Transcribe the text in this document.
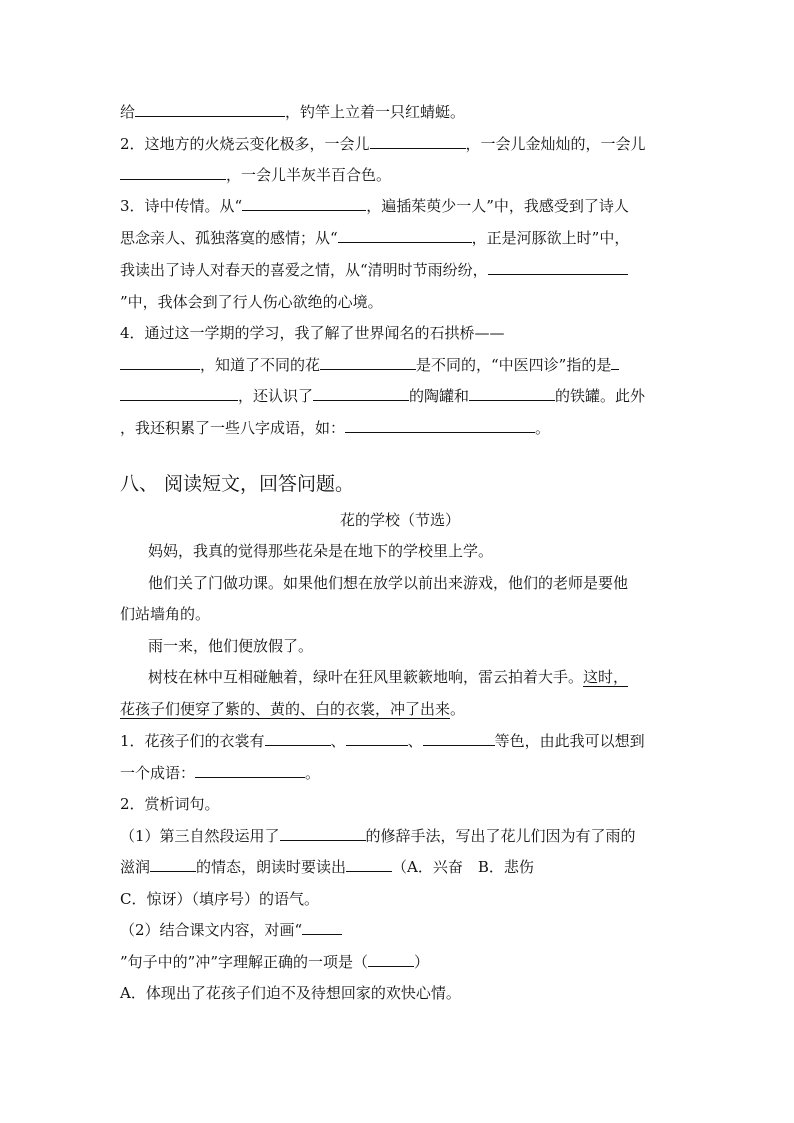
给	，钓竿上立着一只红蜻蜓。
2．这地方的火烧云变化极多，一会儿	，一会儿金灿灿的，一会儿
，一会儿半灰半百合色。
3．诗中传情。从“	，遍插茱萸少一人”中，我感受到了诗人
思念亲人、孤独落寞的感情；从“	，正是河豚欲上时”中，
我读出了诗人对春天的喜爱之情，从“清明时节雨纷纷，
”中，我体会到了行人伤心欲绝的心境。
4．通过这一学期的学习，我了解了世界闻名的石拱桥——
，知道了不同的花	是不同的，“中医四诊”指的是
，还认识了	的陶罐和	的铁罐。此外
，我还积累了一些八字成语，如：	。
八、 阅读短文，回答问题。
花的学校（节选）
妈妈，我真的觉得那些花朵是在地下的学校里上学。
他们关了门做功课。如果他们想在放学以前出来游戏，他们的老师是要他
们站墙角的。
雨一来，他们便放假了。
树枝在林中互相碰触着，绿叶在狂风里簌簌地响，雷云拍着大手。这时，
花孩子们便穿了紫的、黄的、白的衣裳，冲了出来。
1．花孩子们的衣裳有	、	、	等色，由此我可以想到
一个成语：	。
2．赏析词句。
（1）第三自然段运用了	的修辞手法，写出了花儿们因为有了雨的
滋润	的情态，朗读时要读出	（A．兴奋　B．悲伤
C．惊讶）（填序号）的语气。
（2）结合课文内容，对画“
”句子中的”冲”字理解正确的一项是（	）
A．体现出了花孩子们迫不及待想回家的欢快心情。
